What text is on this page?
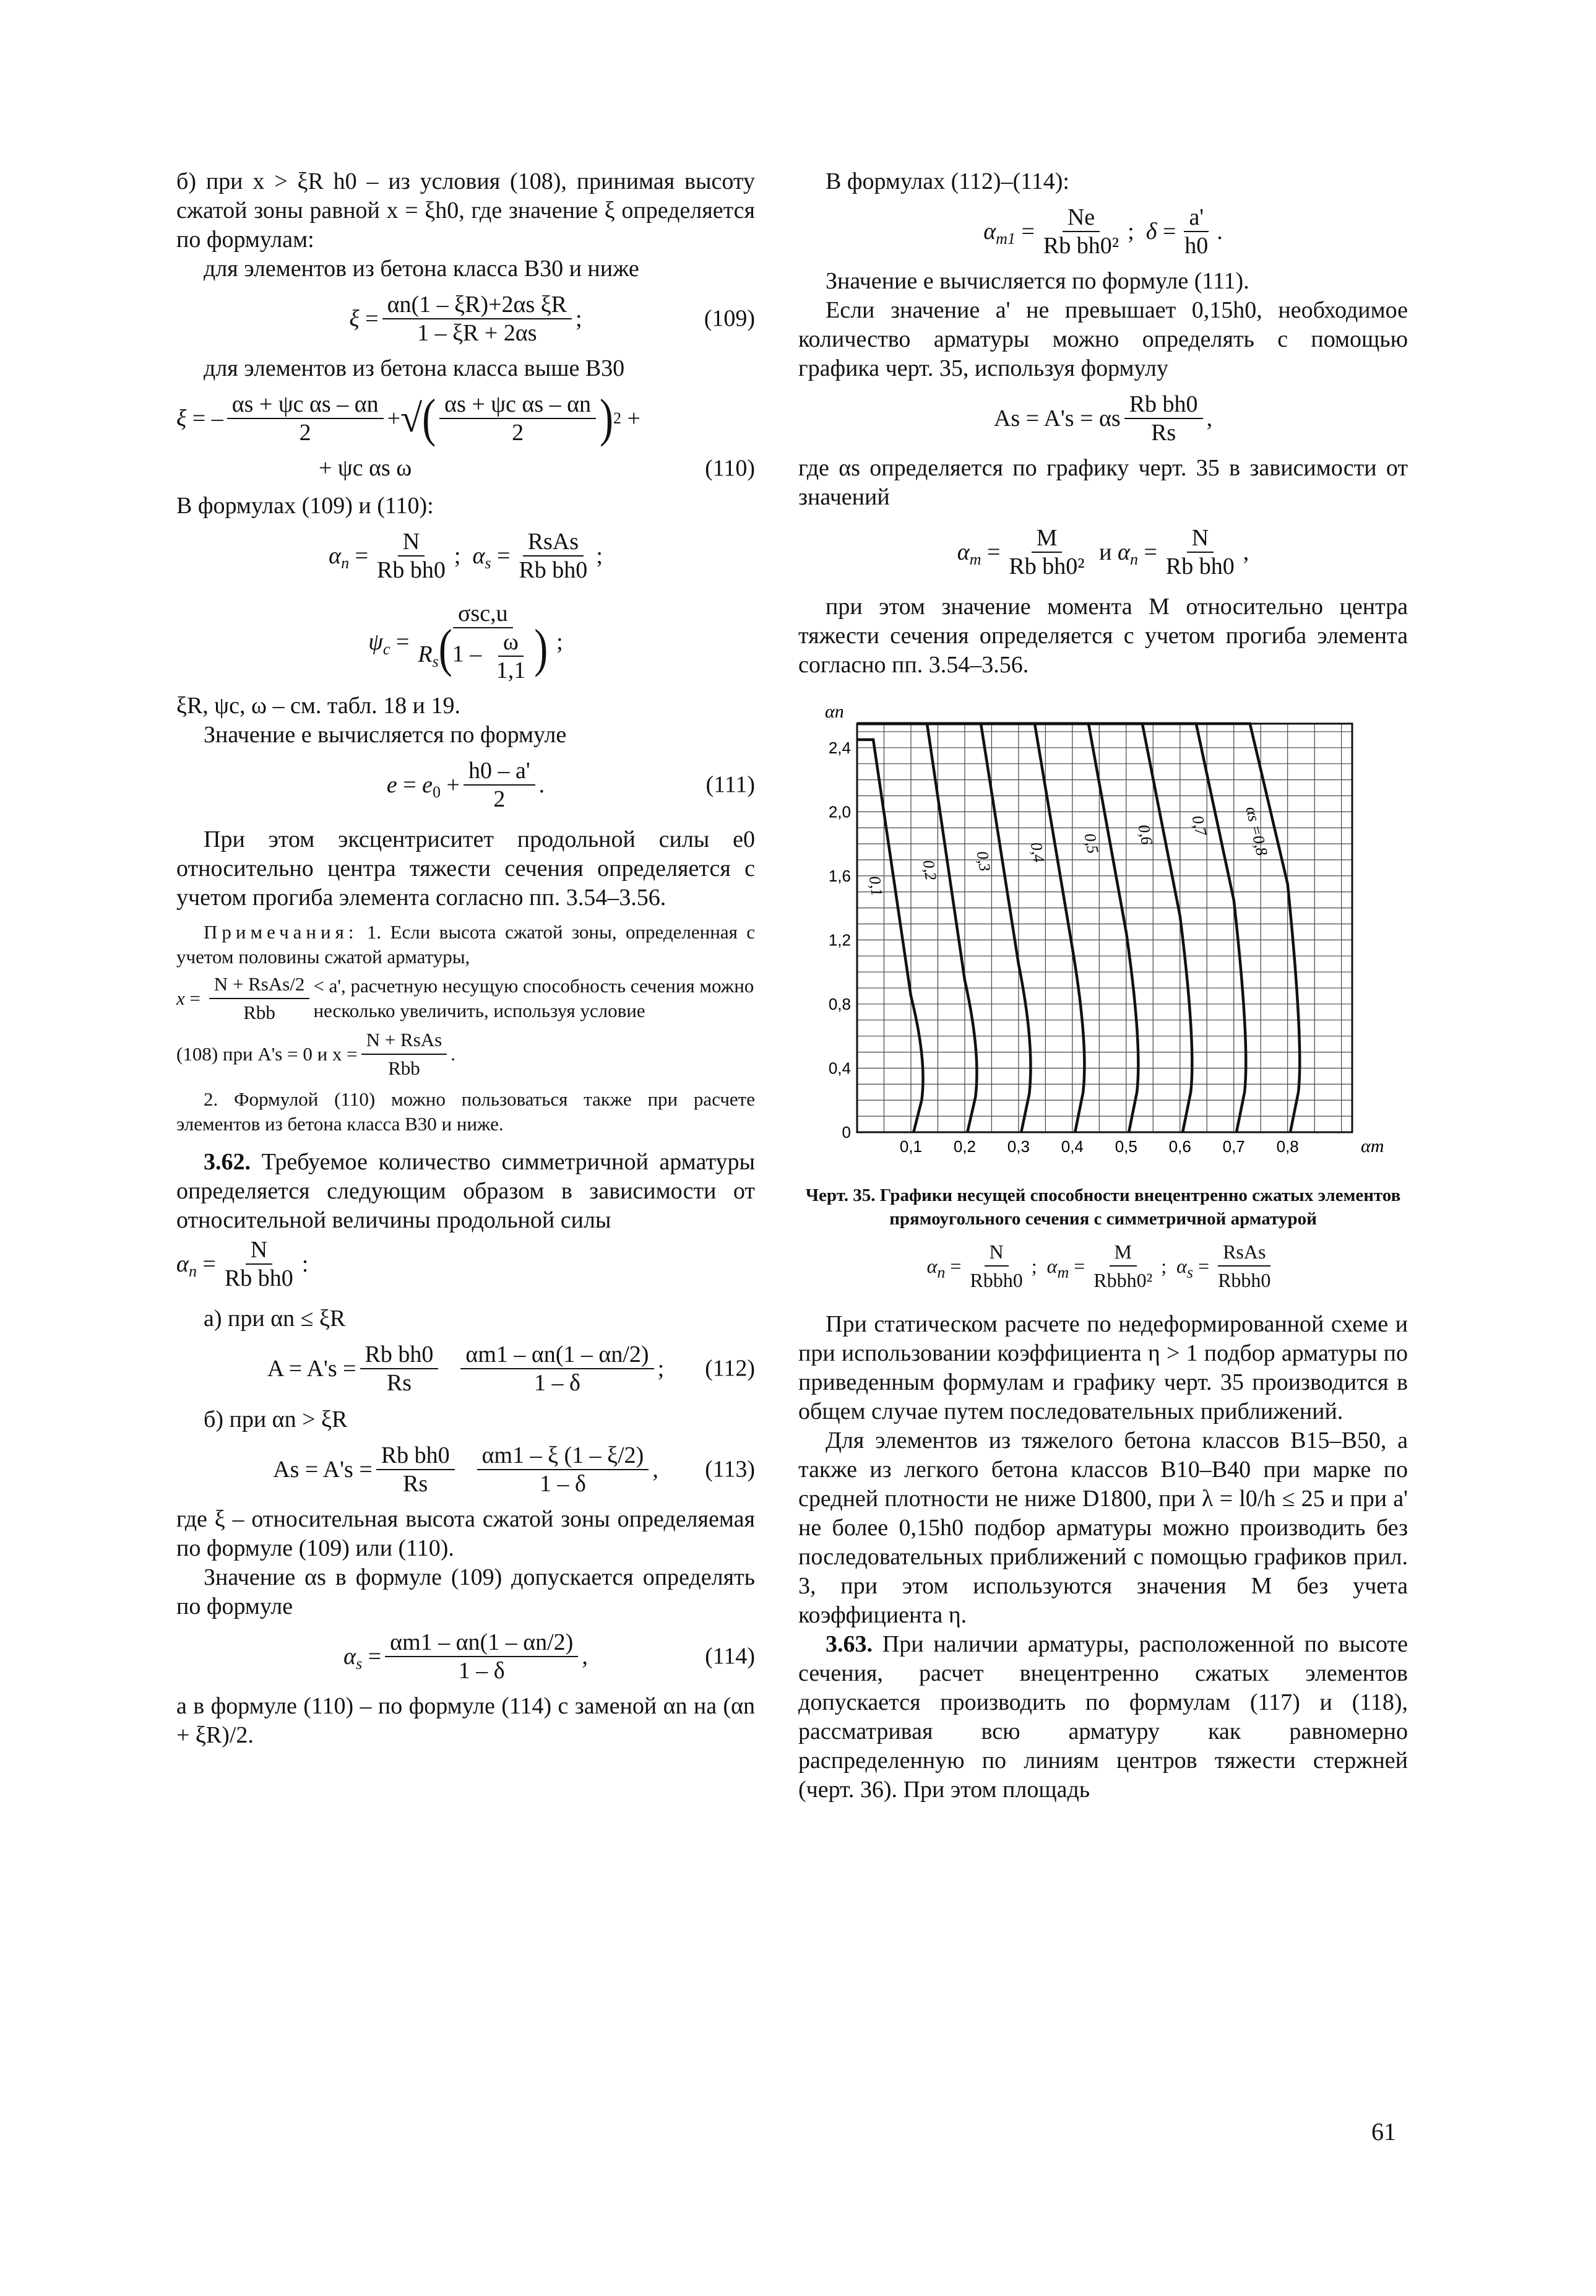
б) при x > ξR h0 – из условия (108), принимая высоту сжатой зоны равной x = ξh0, где значение ξ определяется по формулам:

для элементов из бетона класса В30 и ниже

$\xi = \frac{\text{αn(1 – ξR)+2αs ξR}}{1 - \xi R + 2\alpha s}$ ;	(109)

для элементов из бетона класса выше В30

ξ = – $\frac{\text{αs + ψc αs – αn}}{2}$ + √ ( $\frac{\text{αs + ψc αs – αn}}{2}$ ) 2 +
+ ψc αs ω	(110)

В формулах (109) и (110):

$\alpha_n = \frac{N}{\text{Rb bh0}}$ ;  $\alpha_s$ =
RsAs
Rb bh0
;
$\psi_c$ =
σsc,u
$R_s(1 - \frac{\omega}{1,1}$ ) ;

ξR, ψc, ω – см. табл. 18 и 19.

Значение e вычисляется по формуле

$e = e_0 + \frac{h0 - a'}{2}$ .	(111)

При этом эксцентриситет продольной силы e0 относительно центра тяжести сечения определяется с учетом прогиба элемента согласно пп. 3.54–3.56.

Примечания: 1. Если высота сжатой зоны, определенная с учетом половины сжатой арматуры,

x =
N + RsAs/2
Rbb
< a', расчетную несущую способность сечения можно несколько увеличить, используя условие
(108) при A's = 0 и x =
N + RsAs
Rbb
.

2. Формулой (110) можно пользоваться также при расчете элементов из бетона класса В30 и ниже.

3.62. Требуемое количество симметричной арматуры определяется следующим образом в зависимости от относительной величины продольной силы

$\alpha_n = \frac{N}{\text{Rb bh0}}$ :

а) при αn ≤ ξR

$A = A's = \frac{\text{Rb bh0}}{Rs} \frac{\alpha m1 - \alpha n(1 - \alpha n/2)}{1 - \delta}$ ; (112)

б) при αn > ξR

$As = A's = \frac{\text{Rb bh0}}{Rs} \frac{\alpha m1 - \xi (1 - \xi/2)}{1 - \delta}$ , (113)

где ξ – относительная высота сжатой зоны определяемая по формуле (109) или (110).

Значение αs в формуле (109) допускается определять по формуле

$\alpha_s = \frac{\alpha m1 - \alpha n(1 - \alpha n/2)}{1 - \delta}$ ,	(114)

а в формуле (110) – по формуле (114) с заменой αn на (αn + ξR)/2.

В формулах (112)–(114):

$\alpha_{m1} = \frac{Ne}{\text{Rb bh0²}}$ ;  $\delta = \frac{a'}{h0}$ .

Значение e вычисляется по формуле (111).

Если значение a' не превышает 0,15h0, необходимое количество арматуры можно определять с помощью графика черт. 35, используя формулу

As = A's = αs $\frac{\text{Rb bh0}}{Rs}$ ,

где αs определяется по графику черт. 35 в зависимости от значений

$\alpha_m = \frac{M}{\text{Rb bh0²}}$ и $\alpha_n = \frac{N}{\text{Rb bh0}}$ ,

при этом значение момента M относительно центра тяжести сечения определяется с учетом прогиба элемента согласно пп. 3.54–3.56.

0,1 0,2 0,3 0,4 0,5 0,6 0,7 0,8
0
0,4
0,8
1,2
1,6
2,0
2,4
αn
αm
0,1
0,2 0,3 0,4 0,5 0,6 0,7 αs =0,8

Черт. 35. Графики несущей способности внецентренно сжатых элементов прямоугольного сечения с симметричной арматурой

$\alpha_n$ =
N
Rbbh0
;  $\alpha_m$ =
M
Rbbh0²
;  $\alpha_s$ =
RsAs
Rbbh0

При статическом расчете по недеформированной схеме и при использовании коэффициента η > 1 подбор арматуры по приведенным формулам и графику черт. 35 производится в общем случае путем последовательных приближений.

Для элементов из тяжелого бетона классов В15–В50, а также из легкого бетона классов В10–В40 при марке по средней плотности не ниже D1800, при λ = l0/h ≤ 25 и при a' не более 0,15h0 подбор арматуры можно производить без последовательных приближений с помощью графиков прил. 3, при этом используются значения M без учета коэффициента η.

3.63. При наличии арматуры, расположенной по высоте сечения, расчет внецентренно сжатых элементов допускается производить по формулам (117) и (118), рассматривая всю арматуру как равномерно распределенную по линиям центров тяжести стержней (черт. 36). При этом площадь

61
